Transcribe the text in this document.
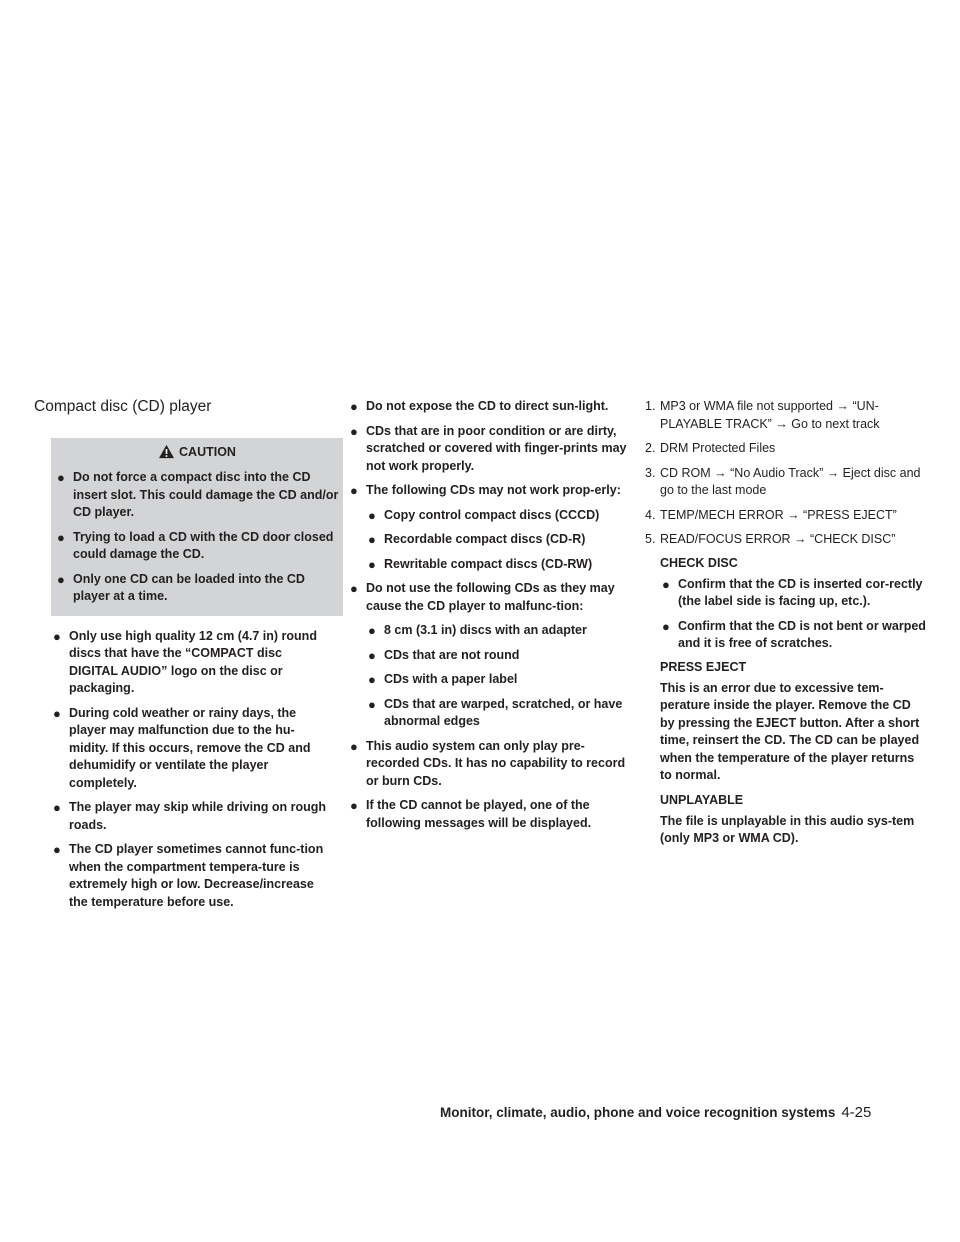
Compact disc (CD) player
CAUTION
● Do not force a compact disc into the CD insert slot. This could damage the CD and/or CD player.
● Trying to load a CD with the CD door closed could damage the CD.
● Only one CD can be loaded into the CD player at a time.
● Only use high quality 12 cm (4.7 in) round discs that have the “COMPACT disc DIGITAL AUDIO” logo on the disc or packaging.
● During cold weather or rainy days, the player may malfunction due to the hu-midity. If this occurs, remove the CD and dehumidify or ventilate the player completely.
● The player may skip while driving on rough roads.
● The CD player sometimes cannot func-tion when the compartment tempera-ture is extremely high or low. Decrease/increase the temperature before use.
● Do not expose the CD to direct sun-light.
● CDs that are in poor condition or are dirty, scratched or covered with finger-prints may not work properly.
● The following CDs may not work prop-erly:
● Copy control compact discs (CCCD)
● Recordable compact discs (CD-R)
● Rewritable compact discs (CD-RW)
● Do not use the following CDs as they may cause the CD player to malfunc-tion:
● 8 cm (3.1 in) discs with an adapter
● CDs that are not round
● CDs with a paper label
● CDs that are warped, scratched, or have abnormal edges
● This audio system can only play pre-recorded CDs. It has no capability to record or burn CDs.
● If the CD cannot be played, one of the following messages will be displayed.
1. MP3 or WMA file not supported → “UN-PLAYABLE TRACK” → Go to next track
2. DRM Protected Files
3. CD ROM → “No Audio Track” → Eject disc and go to the last mode
4. TEMP/MECH ERROR → “PRESS EJECT”
5. READ/FOCUS ERROR → “CHECK DISC”
CHECK DISC
● Confirm that the CD is inserted cor-rectly (the label side is facing up, etc.).
● Confirm that the CD is not bent or warped and it is free of scratches.
PRESS EJECT
This is an error due to excessive tem-perature inside the player. Remove the CD by pressing the EJECT button. After a short time, reinsert the CD. The CD can be played when the temperature of the player returns to normal.
UNPLAYABLE
The file is unplayable in this audio sys-tem (only MP3 or WMA CD).
Monitor, climate, audio, phone and voice recognition systems 4-25
